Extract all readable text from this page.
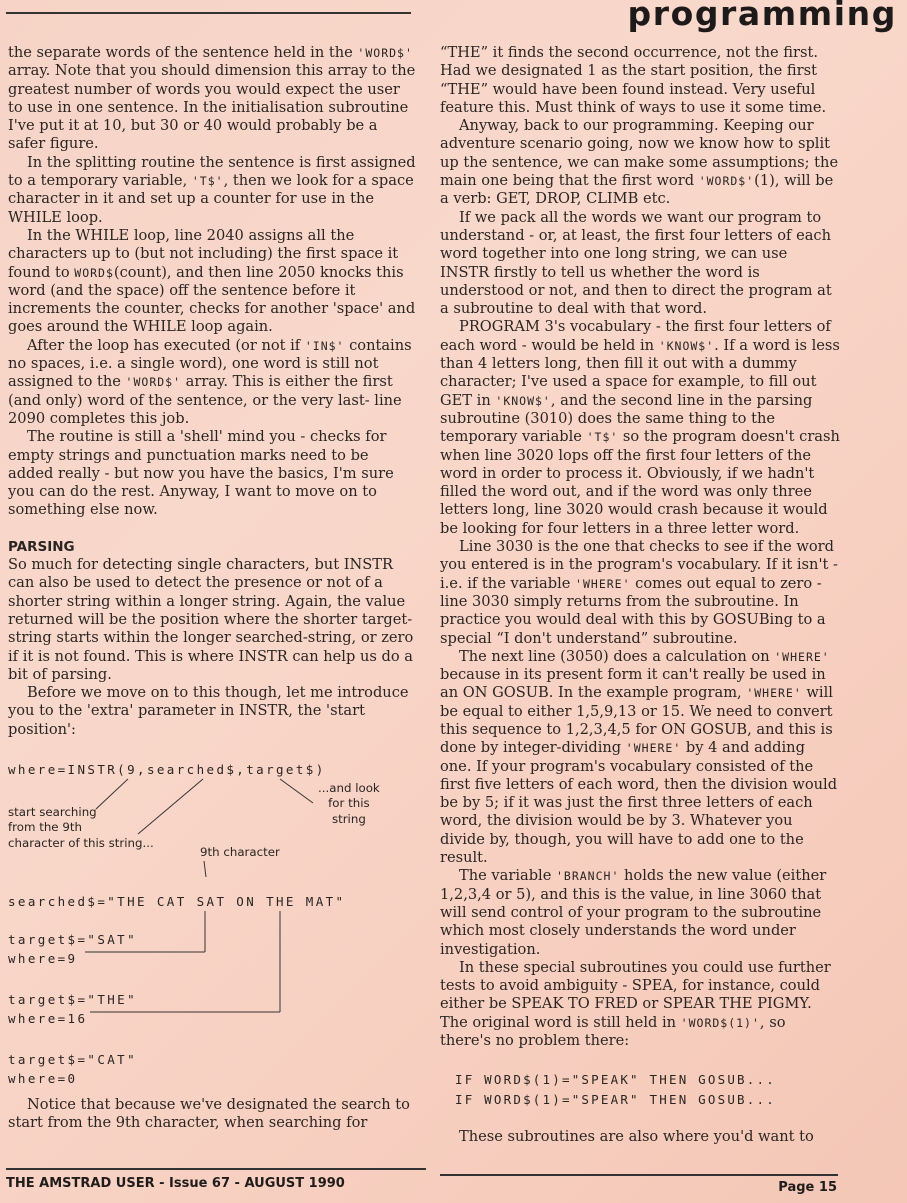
programming

the separate words of the sentence held in the 'WORD$' array. Note that you should dimension this array to the greatest number of words you would expect the user to use in one sentence. In the initialisation subroutine I've put it at 10, but 30 or 40 would probably be a safer figure.

In the splitting routine the sentence is first assigned to a temporary variable, 'T$', then we look for a space character in it and set up a counter for use in the WHILE loop.

In the WHILE loop, line 2040 assigns all the characters up to (but not including) the first space it found to WORD$(count), and then line 2050 knocks this word (and the space) off the sentence before it increments the counter, checks for another 'space' and goes around the WHILE loop again.

After the loop has executed (or not if 'IN$' contains no spaces, i.e. a single word), one word is still not assigned to the 'WORD$' array. This is either the first (and only) word of the sentence, or the very last- line 2090 completes this job.

The routine is still a 'shell' mind you - checks for empty strings and punctuation marks need to be added really - but now you have the basics, I'm sure you can do the rest. Anyway, I want to move on to something else now.

PARSING

So much for detecting single characters, but INSTR can also be used to detect the presence or not of a shorter string within a longer string. Again, the value returned will be the position where the shorter target-string starts within the longer searched-string, or zero if it is not found. This is where INSTR can help us do a bit of parsing.

Before we move on to this though, let me introduce you to the 'extra' parameter in INSTR, the 'start position':

where=INSTR(9,searched$,target$)
start searching
from the 9th
character of this string...
...and look
for this
string
9th character
searched$="THE CAT SAT ON THE MAT"
target$="SAT"
where=9
target$="THE"
where=16
target$="CAT"
where=0

Notice that because we've designated the search to start from the 9th character, when searching for

“THE” it finds the second occurrence, not the first. Had we designated 1 as the start position, the first “THE” would have been found instead. Very useful feature this. Must think of ways to use it some time.

Anyway, back to our programming. Keeping our adventure scenario going, now we know how to split up the sentence, we can make some assumptions; the main one being that the first word 'WORD$'(1), will be a verb: GET, DROP, CLIMB etc.

If we pack all the words we want our program to understand - or, at least, the first four letters of each word together into one long string, we can use INSTR firstly to tell us whether the word is understood or not, and then to direct the program at a subroutine to deal with that word.

PROGRAM 3's vocabulary - the first four letters of each word - would be held in 'KNOW$'. If a word is less than 4 letters long, then fill it out with a dummy character; I've used a space for example, to fill out GET in 'KNOW$', and the second line in the parsing subroutine (3010) does the same thing to the temporary variable 'T$' so the program doesn't crash when line 3020 lops off the first four letters of the word in order to process it. Obviously, if we hadn't filled the word out, and if the word was only three letters long, line 3020 would crash because it would be looking for four letters in a three letter word.

Line 3030 is the one that checks to see if the word you entered is in the program's vocabulary. If it isn't - i.e. if the variable 'WHERE' comes out equal to zero - line 3030 simply returns from the subroutine. In practice you would deal with this by GOSUBing to a special “I don't understand” subroutine.

The next line (3050) does a calculation on 'WHERE' because in its present form it can't really be used in an ON GOSUB. In the example program, 'WHERE' will be equal to either 1,5,9,13 or 15. We need to convert this sequence to 1,2,3,4,5 for ON GOSUB, and this is done by integer-dividing 'WHERE' by 4 and adding one. If your program's vocabulary consisted of the first five letters of each word, then the division would be by 5; if it was just the first three letters of each word, the division would be by 3. Whatever you divide by, though, you will have to add one to the result.

The variable 'BRANCH' holds the new value (either 1,2,3,4 or 5), and this is the value, in line 3060 that will send control of your program to the subroutine which most closely understands the word under investigation.

In these special subroutines you could use further tests to avoid ambiguity - SPEA, for instance, could either be SPEAK TO FRED or SPEAR THE PIGMY. The original word is still held in 'WORD$(1)', so there's no problem there:

IF WORD$(1)="SPEAK" THEN GOSUB...
IF WORD$(1)="SPEAR" THEN GOSUB...

These subroutines are also where you'd want to

THE AMSTRAD USER - Issue 67 - AUGUST 1990	Page 15
